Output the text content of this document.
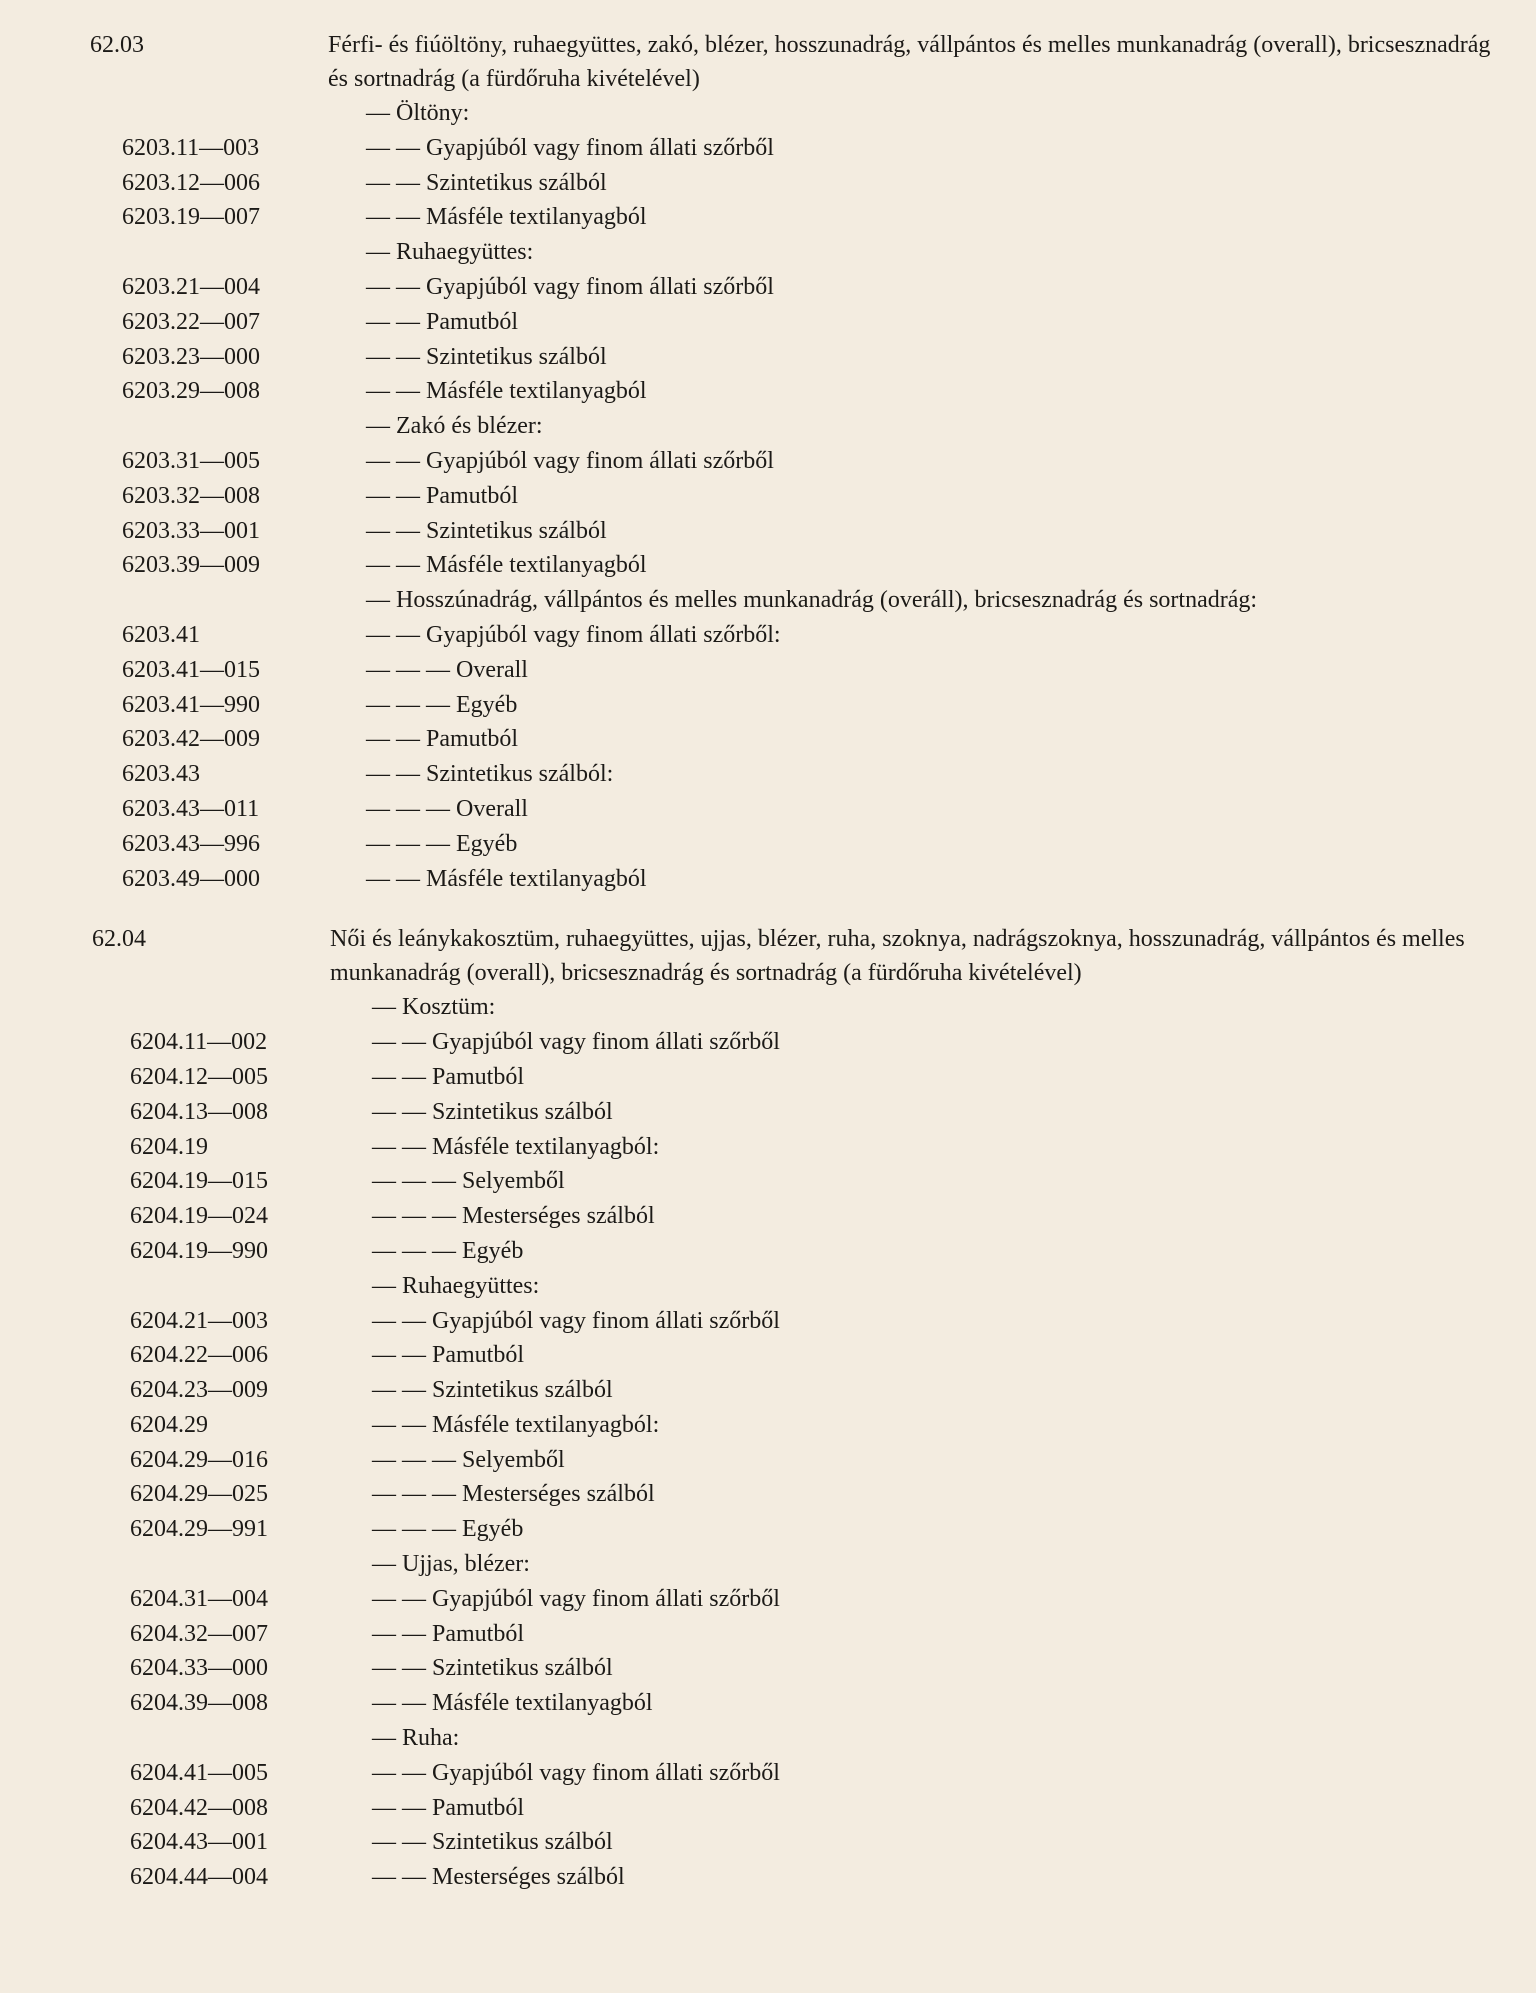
62.03	Férfi- és fiúöltöny, ruhaegyüttes, zakó, blézer, hosszunadrág, vállpántos és melles munkanadrág (overall), bricsesznadrág és sortnadrág (a fürdőruha kivételével)
— Öltöny:
6203.11—003	— — Gyapjúból vagy finom állati szőrből
6203.12—006	— — Szintetikus szálból
6203.19—007	— — Másféle textilanyagból
— Ruhaegyüttes:
6203.21—004	— — Gyapjúból vagy finom állati szőrből
6203.22—007	— — Pamutból
6203.23—000	— — Szintetikus szálból
6203.29—008	— — Másféle textilanyagból
— Zakó és blézer:
6203.31—005	— — Gyapjúból vagy finom állati szőrből
6203.32—008	— — Pamutból
6203.33—001	— — Szintetikus szálból
6203.39—009	— — Másféle textilanyagból
— Hosszúnadrág, vállpántos és melles munkanadrág (overáll), bricsesznadrág és sortnadrág:
6203.41	— — Gyapjúból vagy finom állati szőrből:
6203.41—015	— — — Overall
6203.41—990	— — — Egyéb
6203.42—009	— — Pamutból
6203.43	— — Szintetikus szálból:
6203.43—011	— — — Overall
6203.43—996	— — — Egyéb
6203.49—000	— — Másféle textilanyagból
62.04	Női és leánykakosztüm, ruhaegyüttes, ujjas, blézer, ruha, szoknya, nadrágszoknya, hosszunadrág, vállpántos és melles munkanadrág (overall), bricsesznadrág és sortnadrág (a fürdőruha kivételével)
— Kosztüm:
6204.11—002	— — Gyapjúból vagy finom állati szőrből
6204.12—005	— — Pamutból
6204.13—008	— — Szintetikus szálból
6204.19	— — Másféle textilanyagból:
6204.19—015	— — — Selyemből
6204.19—024	— — — Mesterséges szálból
6204.19—990	— — — Egyéb
— Ruhaegyüttes:
6204.21—003	— — Gyapjúból vagy finom állati szőrből
6204.22—006	— — Pamutból
6204.23—009	— — Szintetikus szálból
6204.29	— — Másféle textilanyagból:
6204.29—016	— — — Selyemből
6204.29—025	— — — Mesterséges szálból
6204.29—991	— — — Egyéb
— Ujjas, blézer:
6204.31—004	— — Gyapjúból vagy finom állati szőrből
6204.32—007	— — Pamutból
6204.33—000	— — Szintetikus szálból
6204.39—008	— — Másféle textilanyagból
— Ruha:
6204.41—005	— — Gyapjúból vagy finom állati szőrből
6204.42—008	— — Pamutból
6204.43—001	— — Szintetikus szálból
6204.44—004	— — Mesterséges szálból
